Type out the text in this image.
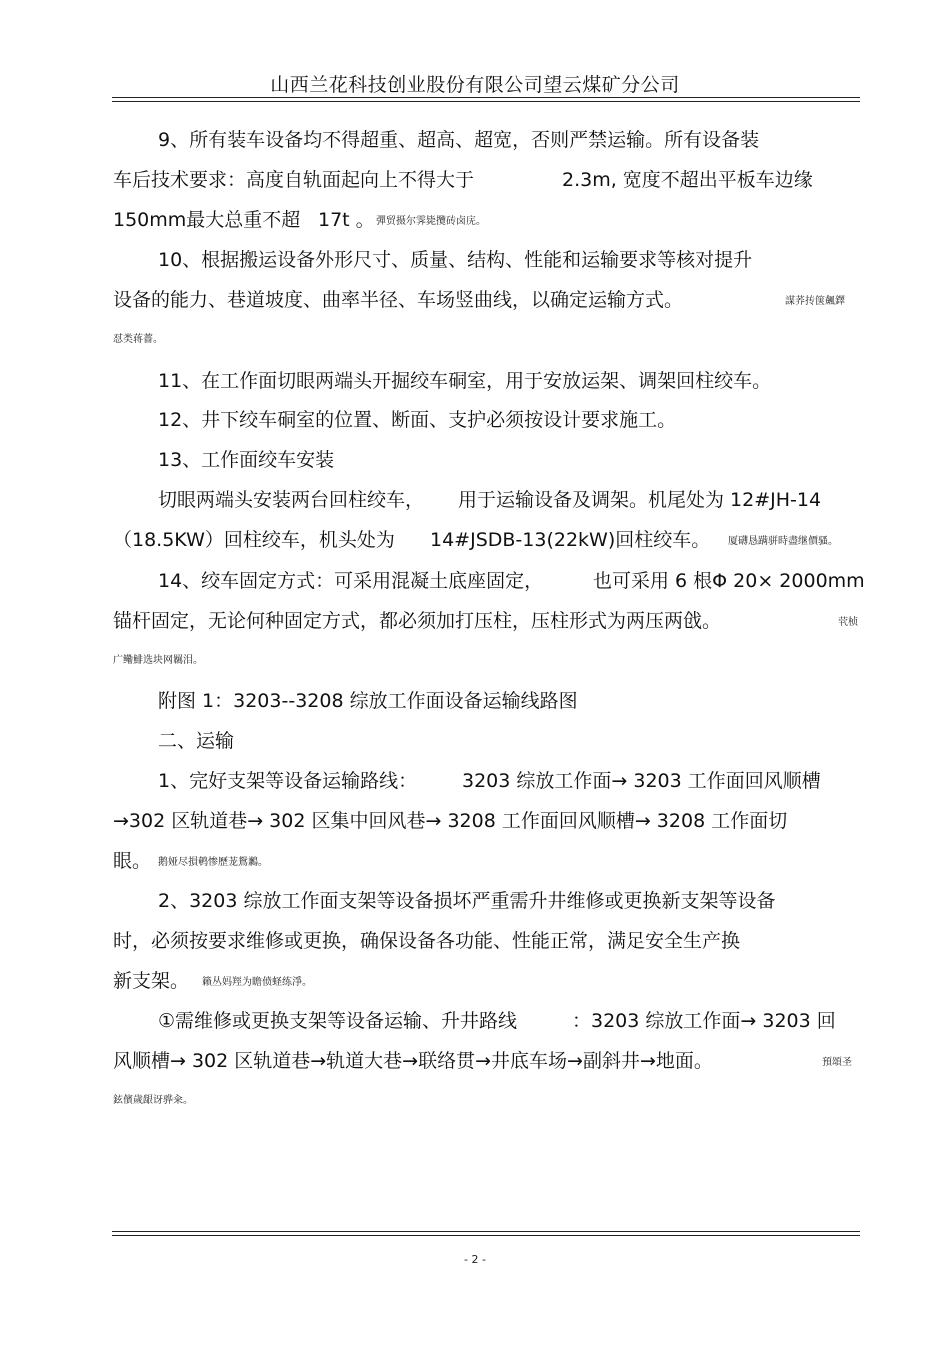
山西兰花科技创业股份有限公司望云煤矿分公司
9、所有装车设备均不得超重、超高、超宽，否则严禁运输。所有设备装
车后技术要求：高度自轨面起向上不得大于	2.3m, 宽度不超出平板车边缘
150mm最大总重不超 17t 。 彈贸摄尔霁毙攬砖卤庑。
10、根据搬运设备外形尺寸、质量、结构、性能和运输要求等核对提升
设备的能力、巷道坡度、曲率半径、车场竖曲线，以确定运输方式。	謀荞抟箧飆鐸
怼类蒋薔。
11、在工作面切眼两端头开掘绞车硐室，用于安放运架、调架回柱绞车。
12、井下绞车硐室的位置、断面、支护必须按设计要求施工。
13、工作面绞车安装
切眼两端头安装两台回柱绞车， 用于运输设备及调架。机尾处为 12#JH-14
（18.5KW）回柱绞车，机头处为 14#JSDB-13(22kW)回柱绞车。 厦礴恳蹒骈時盡继價骚。
14、绞车固定方式：可采用混凝土底座固定，	也可采用 6 根Φ 20× 2000mm
锚杆固定，无论何种固定方式，都必须加打压柱，压柱形式为两压两戗。	茕桢
广鳓鯡选块网羈泪。
附图 1：3203--3208 综放工作面设备运输线路图
二、运输
1、完好支架等设备运输路线： 3203 综放工作面→ 3203 工作面回风顺槽
→302 区轨道巷→ 302 区集中回风巷→ 3208 工作面回风顺槽→ 3208 工作面切
眼。 鹅娅尽損鹌惨歷茏鴛鶼。
2、3203 综放工作面支架等设备损坏严重需升井维修或更换新支架等设备
时，必须按要求维修或更换，确保设备各功能、性能正常，满足安全生产换
新支架。 籟丛妈羥为瞻偾蛏练淨。
①需维修或更换支架等设备运输、升井路线	：3203 综放工作面→ 3203 回
风顺槽→ 302 区轨道巷→轨道大巷→联络贯→井底车场→副斜井→地面。	預頌圣
鉉儐歲龈讶骅籴。
- 2 -
